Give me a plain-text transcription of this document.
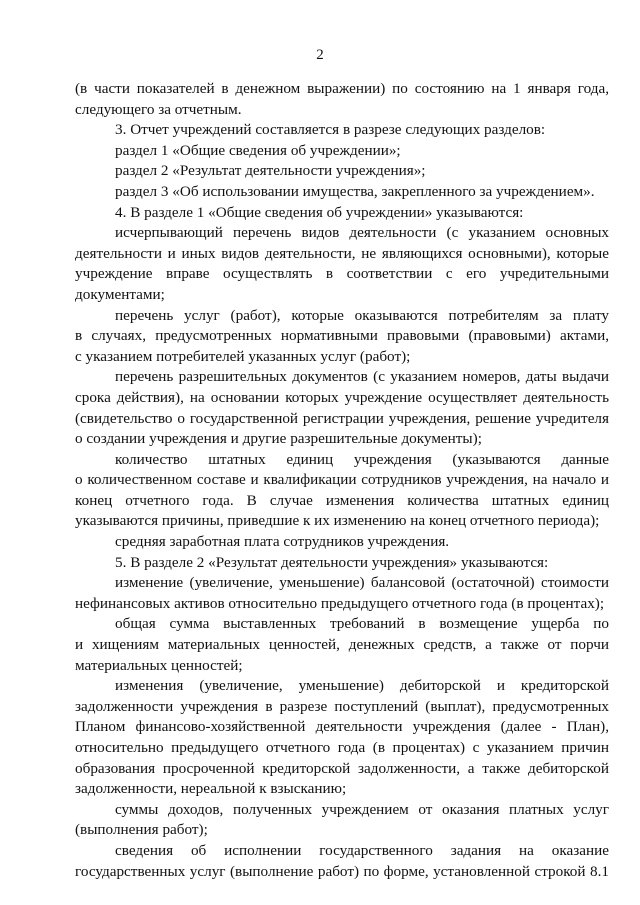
2
(в части показателей в денежном выражении) по состоянию на 1 января года,
следующего за отчетным.
3. Отчет учреждений составляется в разрезе следующих разделов:
раздел 1 «Общие сведения об учреждении»;
раздел 2 «Результат деятельности учреждения»;
раздел 3 «Об использовании имущества, закрепленного за учреждением».
4. В разделе 1 «Общие сведения об учреждении» указываются:
исчерпывающий перечень видов деятельности (с указанием основных
деятельности и иных видов деятельности, не являющихся основными), которые
учреждение вправе осуществлять в соответствии с его учредительными
документами;
перечень услуг (работ), которые оказываются потребителям за плату
в случаях, предусмотренных нормативными правовыми (правовыми) актами,
с указанием потребителей указанных услуг (работ);
перечень разрешительных документов (с указанием номеров, даты выдачи
срока действия), на основании которых учреждение осуществляет деятельность
(свидетельство о государственной регистрации учреждения, решение учредителя
о создании учреждения и другие разрешительные документы);
количество штатных единиц учреждения (указываются данные
о количественном составе и квалификации сотрудников учреждения, на начало и
конец отчетного года. В случае изменения количества штатных единиц
указываются причины, приведшие к их изменению на конец отчетного периода);
средняя заработная плата сотрудников учреждения.
5. В разделе 2 «Результат деятельности учреждения» указываются:
изменение (увеличение, уменьшение) балансовой (остаточной) стоимости
нефинансовых активов относительно предыдущего отчетного года (в процентах);
общая сумма выставленных требований в возмещение ущерба по
и хищениям материальных ценностей, денежных средств, а также от порчи
материальных ценностей;
изменения (увеличение, уменьшение) дебиторской и кредиторской
задолженности учреждения в разрезе поступлений (выплат), предусмотренных
Планом финансово-хозяйственной деятельности учреждения (далее - План),
относительно предыдущего отчетного года (в процентах) с указанием причин
образования просроченной кредиторской задолженности, а также дебиторской
задолженности, нереальной к взысканию;
суммы доходов, полученных учреждением от оказания платных услуг
(выполнения работ);
сведения об исполнении государственного задания на оказание
государственных услуг (выполнение работ) по форме, установленной строкой 8.1
